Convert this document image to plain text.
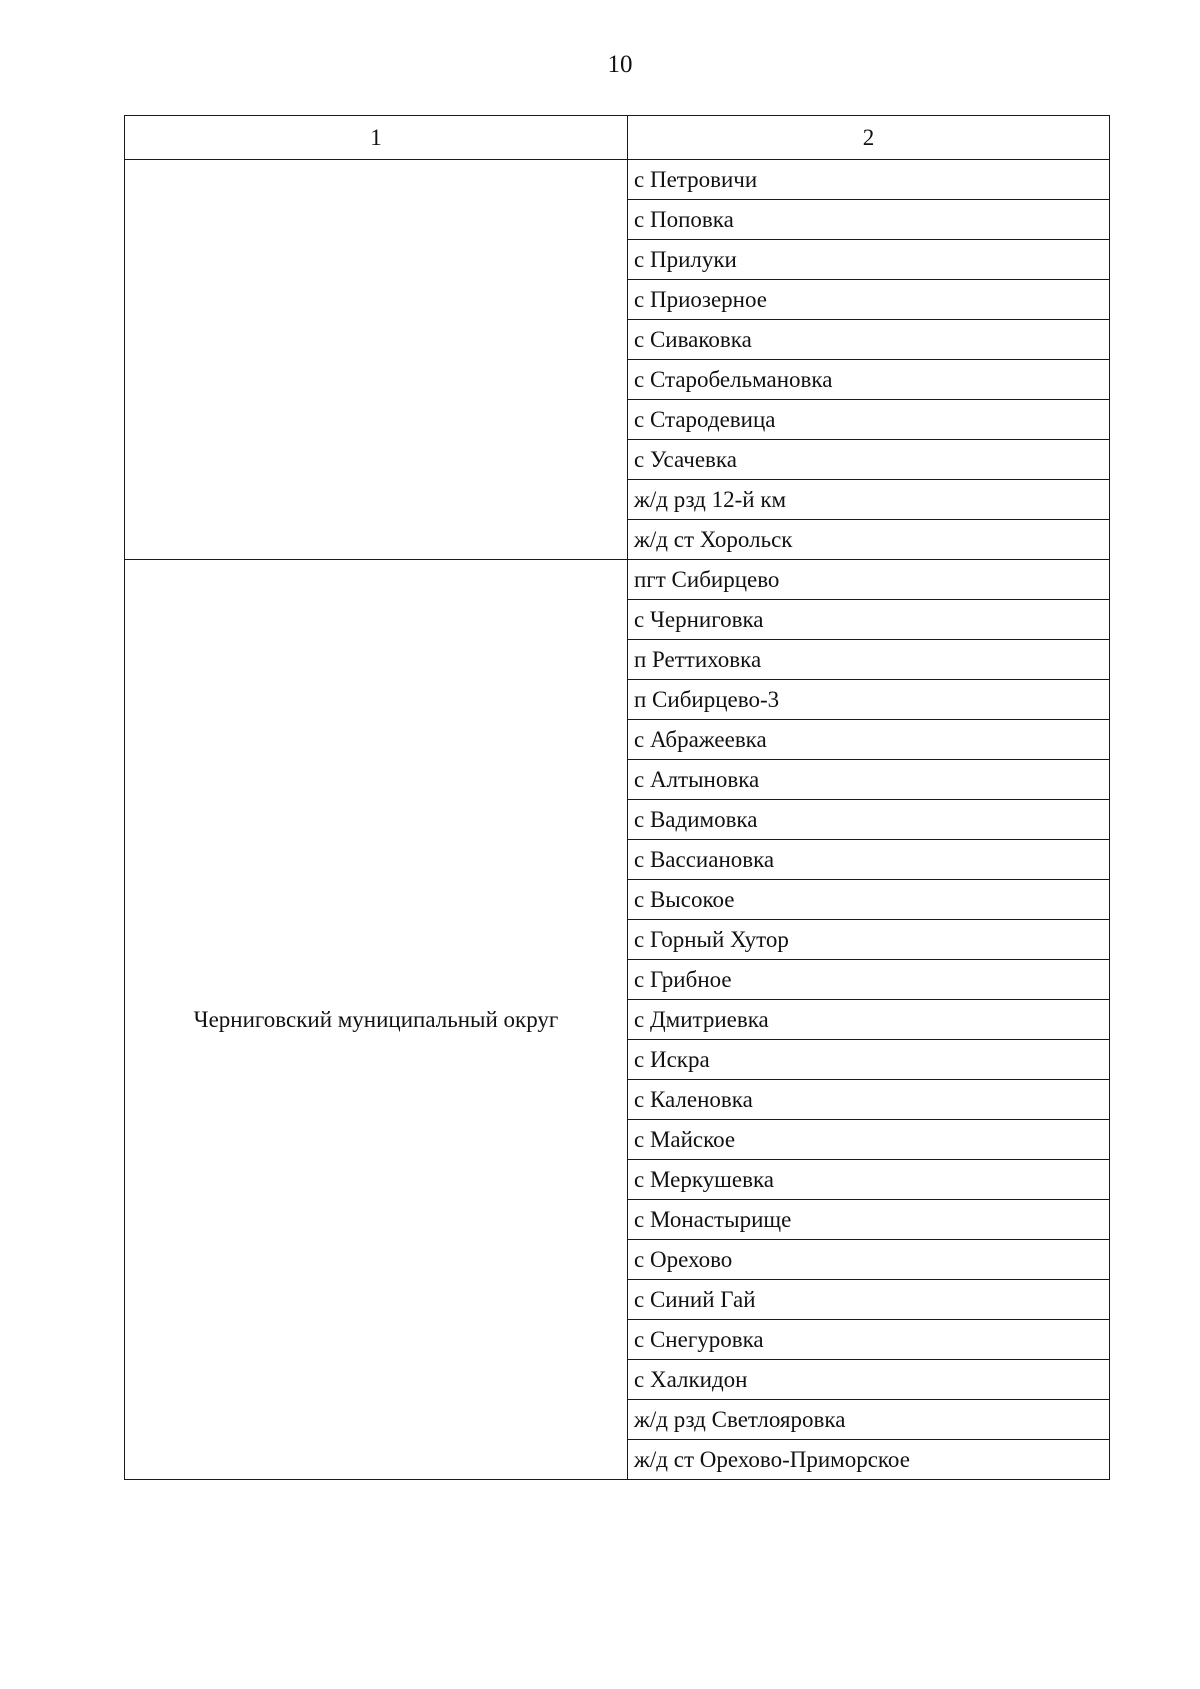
10
1	2
	с Петровичи
	с Поповка
	с Прилуки
	с Приозерное
	с Сиваковка
	с Старобельмановка
	с Стародевица
	с Усачевка
	ж/д рзд 12-й км
	ж/д ст Хорольск
Черниговский муниципальный округ	пгт Сибирцево
	с Черниговка
	п Реттиховка
	п Сибирцево-3
	с Абражеевка
	с Алтыновка
	с Вадимовка
	с Вассиановка
	с Высокое
	с Горный Хутор
	с Грибное
	с Дмитриевка
	с Искра
	с Каленовка
	с Майское
	с Меркушевка
	с Монастырище
	с Орехово
	с Синий Гай
	с Снегуровка
	с Халкидон
	ж/д рзд Светлояровка
	ж/д ст Орехово-Приморское
